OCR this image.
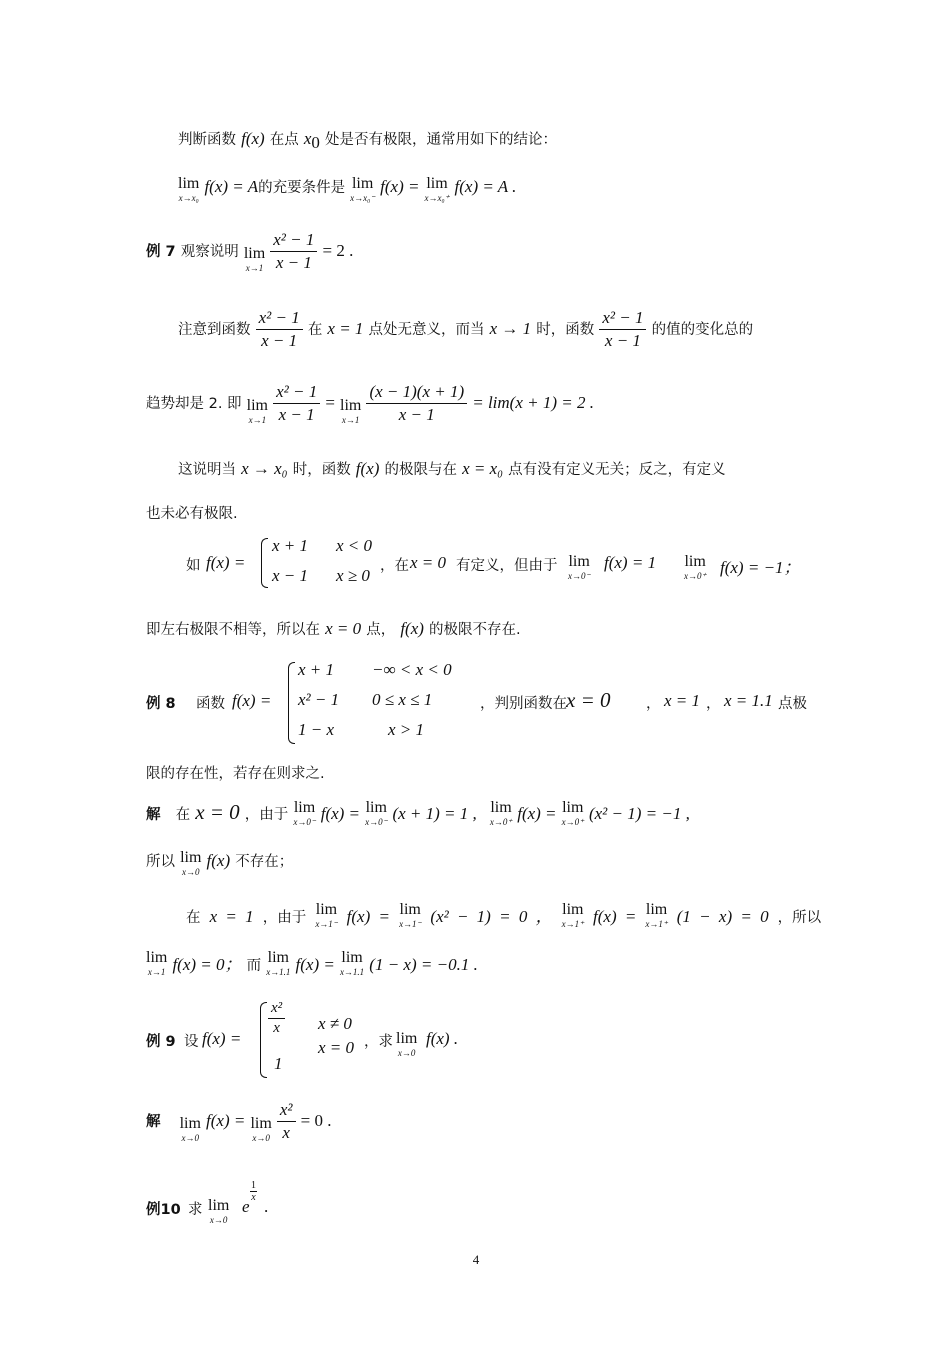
判断函数 f(x) 在点 $x_0$ 处是否有极限，通常用如下的结论：
lim
x→x₀
f(x) = A的充要条件是 lim
x→x₀⁻
f(x) = lim
x→x₀⁺
f(x) = A .
例 7 观察说明 lim
x→1
$\frac{\text{x² − 1}}{x - 1} = 2$ .
注意到函数 $\frac{\text{x² − 1}}{x - 1}$ 在 x = 1 点处无意义，而当 x → 1 时，函数 $\frac{\text{x² − 1}}{x - 1}$ 的值的变化总的
趋势却是 2. 即 lim
x→1
$\frac{\text{x² − 1}}{x - 1} = \lim$
x→1
$\frac{(x - 1)(x + 1)}{x - 1} = \lim(x + 1) = 2$ .
这说明当 x → x₀ 时，函数 f(x) 的极限与在 x = x₀ 点有没有定义无关；反之，有定义
也未必有极限.
如 f(x) =
x + 1 x < 0
x − 1 x ≥ 0 ，在 x = 0 有定义，但由于 lim
x→0⁻
f(x) = 1 lim
x→0⁺ f(x) = −1；
即左右极限不相等，所以在 x = 0 点， f(x) 的极限不存在.
例 8 函数 f(x) =
x + 1 −∞ < x < 0
x² − 1 0 ≤ x ≤ 1
1 − x	x > 1
，判别函数在 x = 0 ， x = 1 ， x = 1.1 点极
限的存在性，若存在则求之.
解 在 x = 0 ，由于 lim
x→0⁻ f(x) = lim
x→0⁻ (x + 1) = 1 , lim
x→0⁺ f(x) = lim
x→0⁺ (x² − 1) = −1 ,
所以 lim
x→0
f(x) 不存在；
在 x = 1 ，由于 lim
x→1⁻ f(x) = lim
x→1⁻ (x² − 1) = 0 ， lim
x→1⁺ f(x) = lim
x→1⁺ (1 − x) = 0 ，所以
lim
x→1 f(x) = 0； 而 lim
x→1.1 f(x) = lim
x→1.1 (1 − x) = −0.1 .
例 9 设 f(x) =
$\frac{\text{x²}}{x}$ x ≠ 0
1
x = 0 ，求 lim
x→0
f(x) .
解 lim
x→0
f(x) = lim
x→0
$\frac{\text{x²}}{x} = 0$ .
例10 求 lim
x→0
e
$\frac{1}{x}$
.
4
